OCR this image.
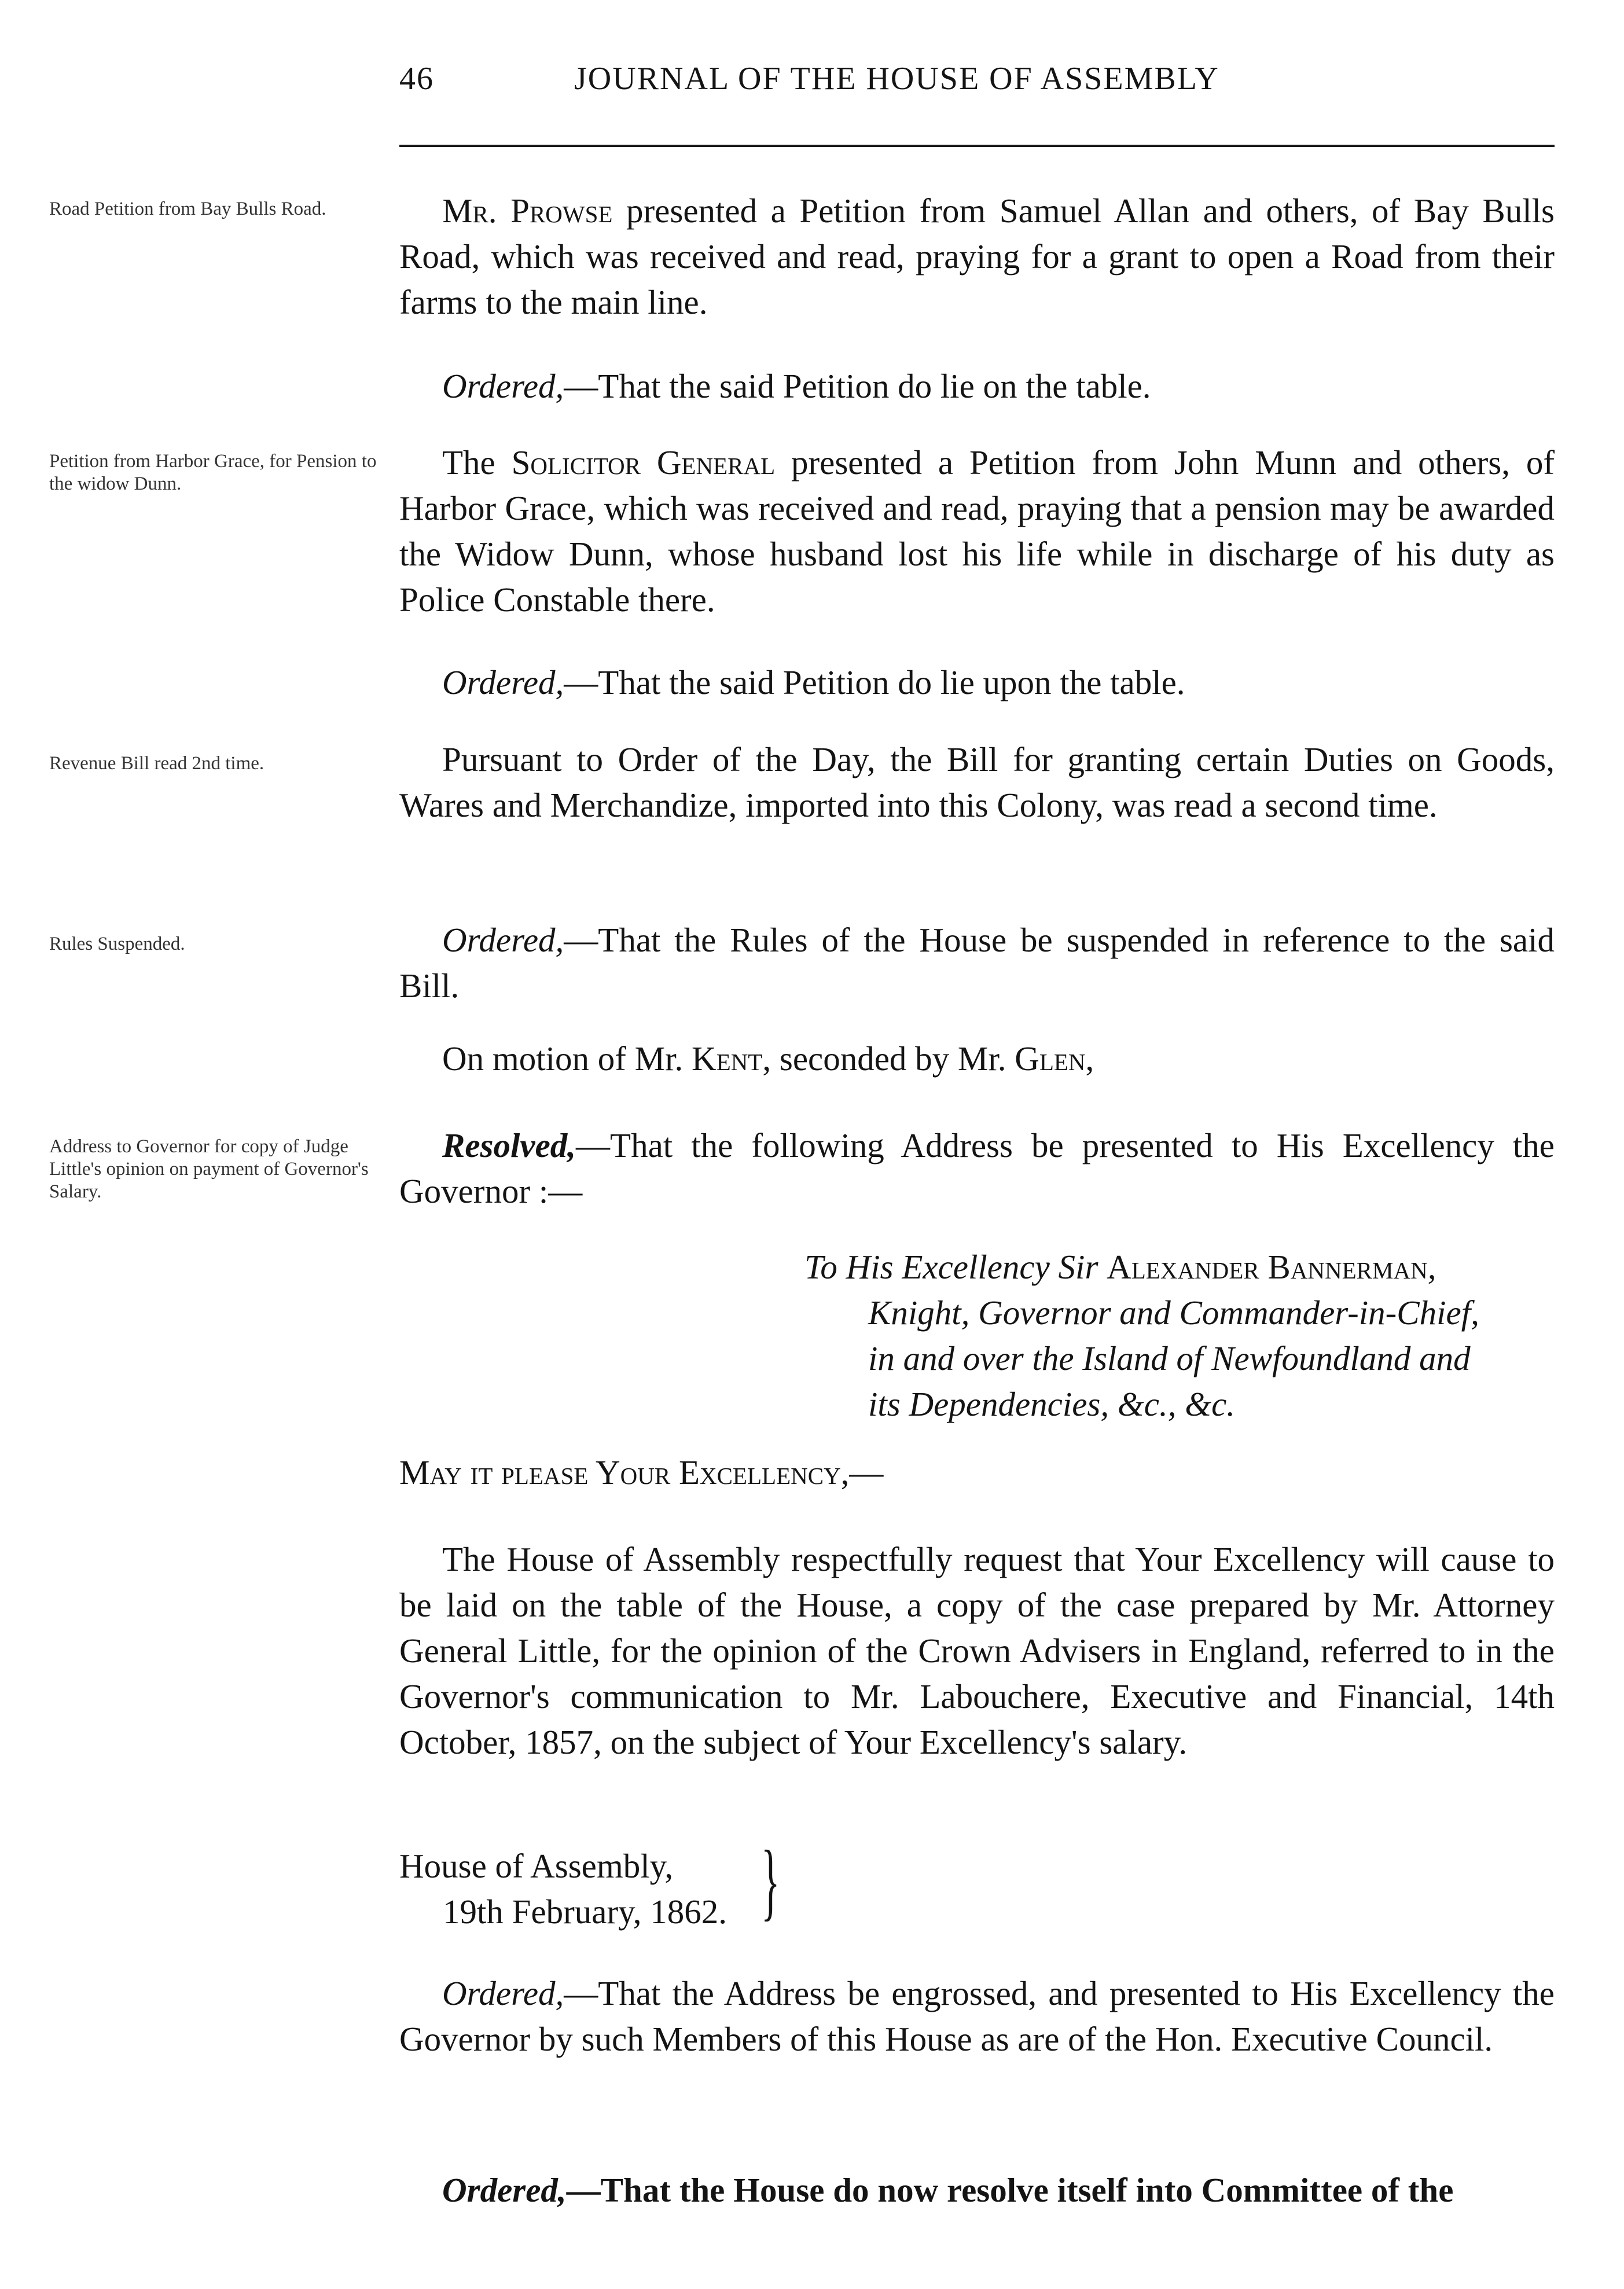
46	JOURNAL OF THE HOUSE OF ASSEMBLY
Road Petition from Bay Bulls Road.
Petition from Harbor Grace, for Pension to the widow Dunn.
Revenue Bill read 2nd time.
Rules Suspended.
Address to Governor for copy of Judge Little's opinion on payment of Governor's Salary.
Mr. Prowse presented a Petition from Samuel Allan and others, of Bay Bulls Road, which was received and read, praying for a grant to open a Road from their farms to the main line.
Ordered,—That the said Petition do lie on the table.
The Solicitor General presented a Petition from John Munn and others, of Harbor Grace, which was received and read, praying that a pension may be awarded the Widow Dunn, whose husband lost his life while in discharge of his duty as Police Constable there.
Ordered,—That the said Petition do lie upon the table.
Pursuant to Order of the Day, the Bill for granting certain Duties on Goods, Wares and Merchandize, imported into this Colony, was read a second time.
Ordered,—That the Rules of the House be suspended in reference to the said Bill.
On motion of Mr. Kent, seconded by Mr. Glen,
Resolved,—That the following Address be presented to His Excellency the Governor :—
To His Excellency Sir Alexander Bannerman,
Knight, Governor and Commander-in-Chief,
in and over the Island of Newfoundland and
its Dependencies, &c., &c.
May it please Your Excellency,—
The House of Assembly respectfully request that Your Excellency will cause to be laid on the table of the House, a copy of the case prepared by Mr. Attorney General Little, for the opinion of the Crown Advisers in England, referred to in the Governor's communication to Mr. Labouchere, Executive and Financial, 14th October, 1857, on the subject of Your Excellency's salary.
House of Assembly,
19th February, 1862. }
Ordered,—That the Address be engrossed, and presented to His Excellency the Governor by such Members of this House as are of the Hon. Executive Council.
Ordered,—That the House do now resolve itself into Committee of the
